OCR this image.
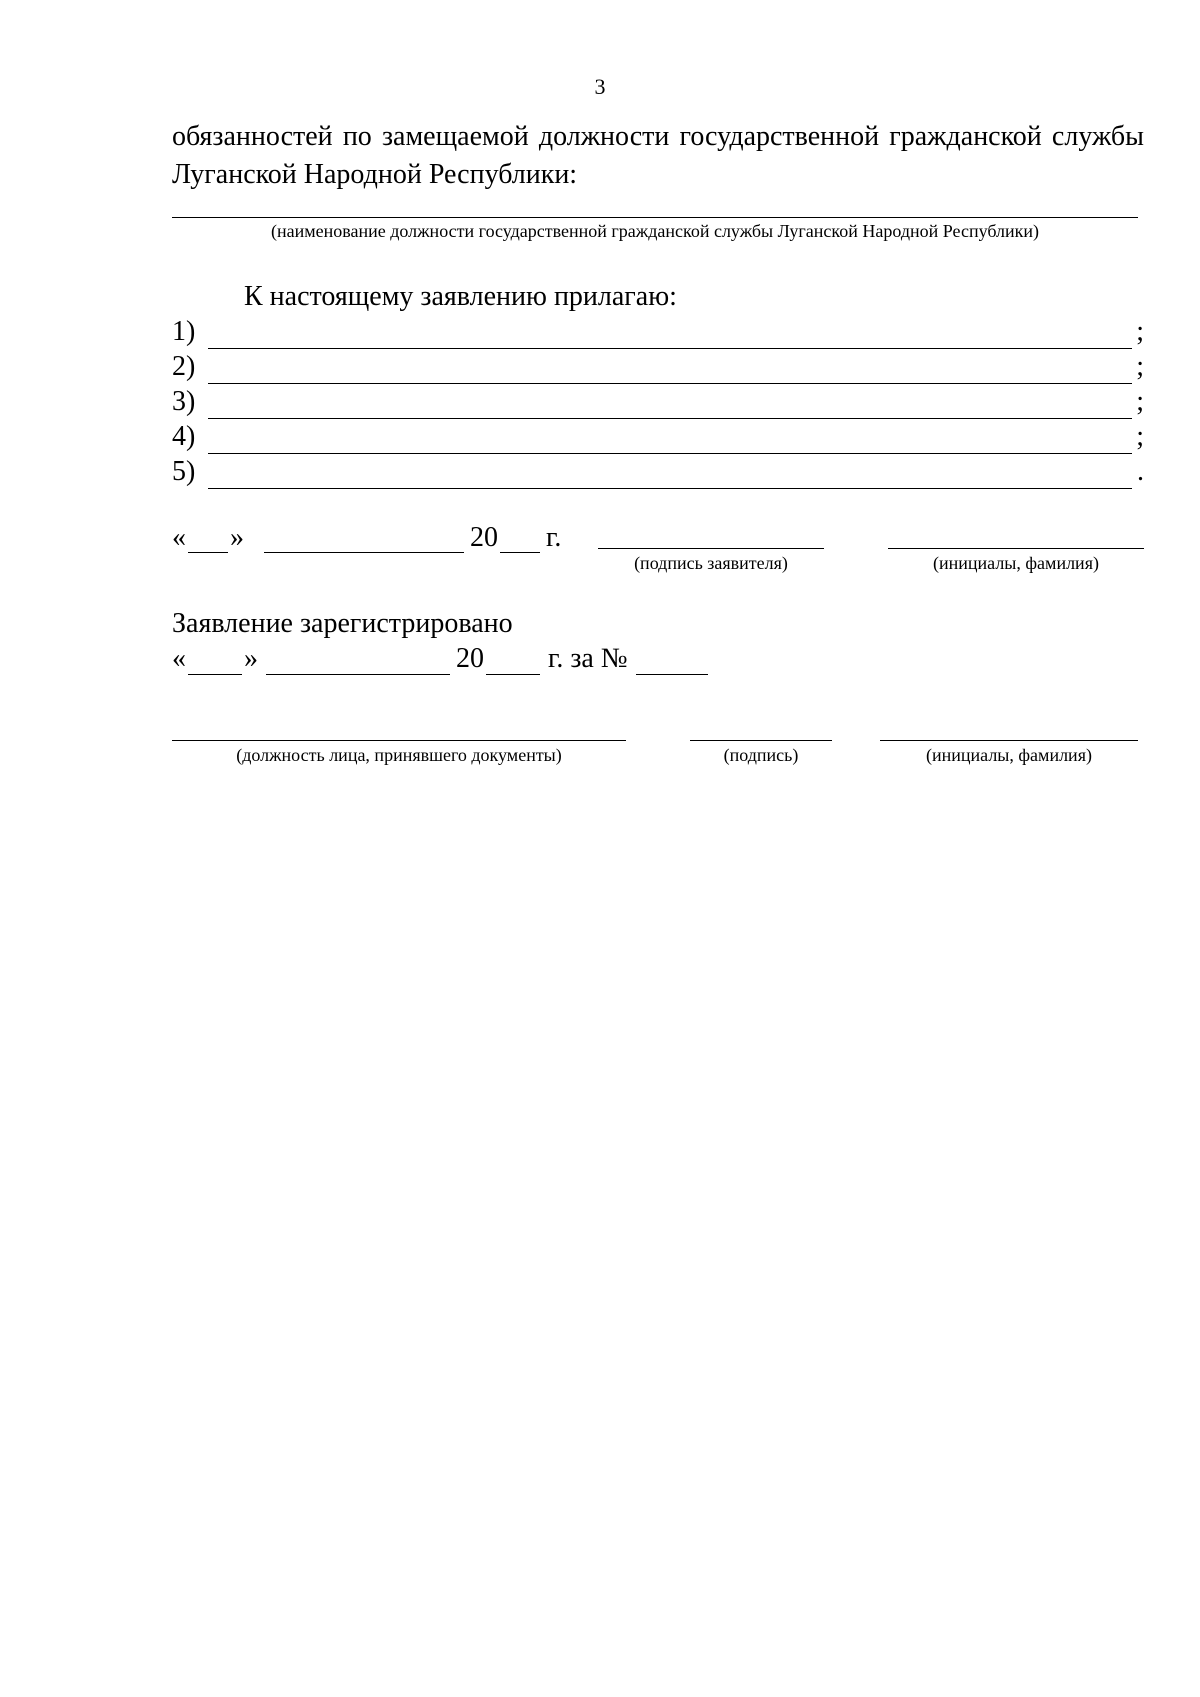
3
обязанностей по замещаемой должности государственной гражданской службы Луганской Народной Республики:
(наименование должности государственной гражданской службы Луганской Народной Республики)
К настоящему заявлению прилагаю:
1)	;
2)	;
3)	;
4)	;
5)	.
« »	20 г.
(подпись заявителя)	(инициалы, фамилия)
Заявление зарегистрировано
« »	20 г. за №
(должность лица, принявшего документы)	(подпись)	(инициалы, фамилия)
